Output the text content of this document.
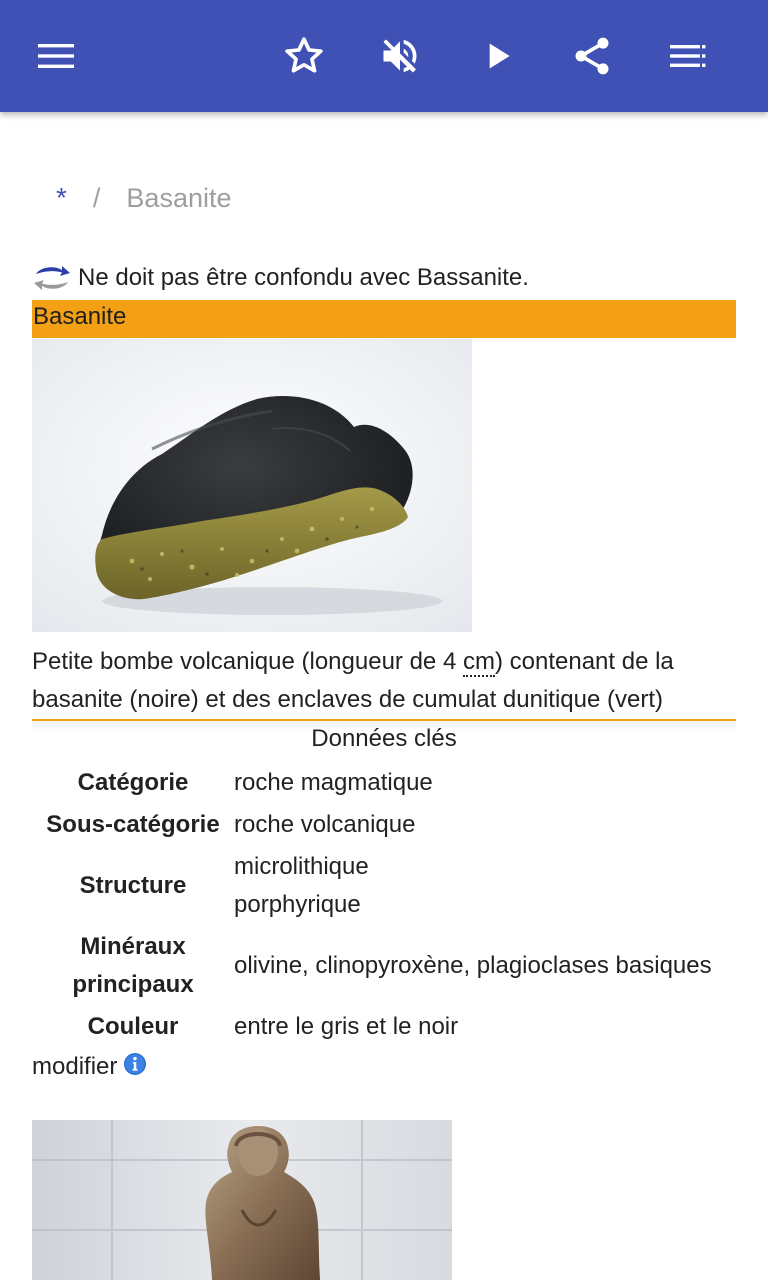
* / Basanite
Ne doit pas être confondu avec Bassanite.
Basanite
Petite bombe volcanique (longueur de 4 cm) contenant de la basanite (noire) et des enclaves de cumulat dunitique (vert)
Données clés
Catégorie	roche magmatique
Sous-catégorie	roche volcanique
Structure	microlithique
porphyrique

Minéraux principaux	olivine, clinopyroxène, plagioclases basiques
Couleur	entre le gris et le noir
modifier
